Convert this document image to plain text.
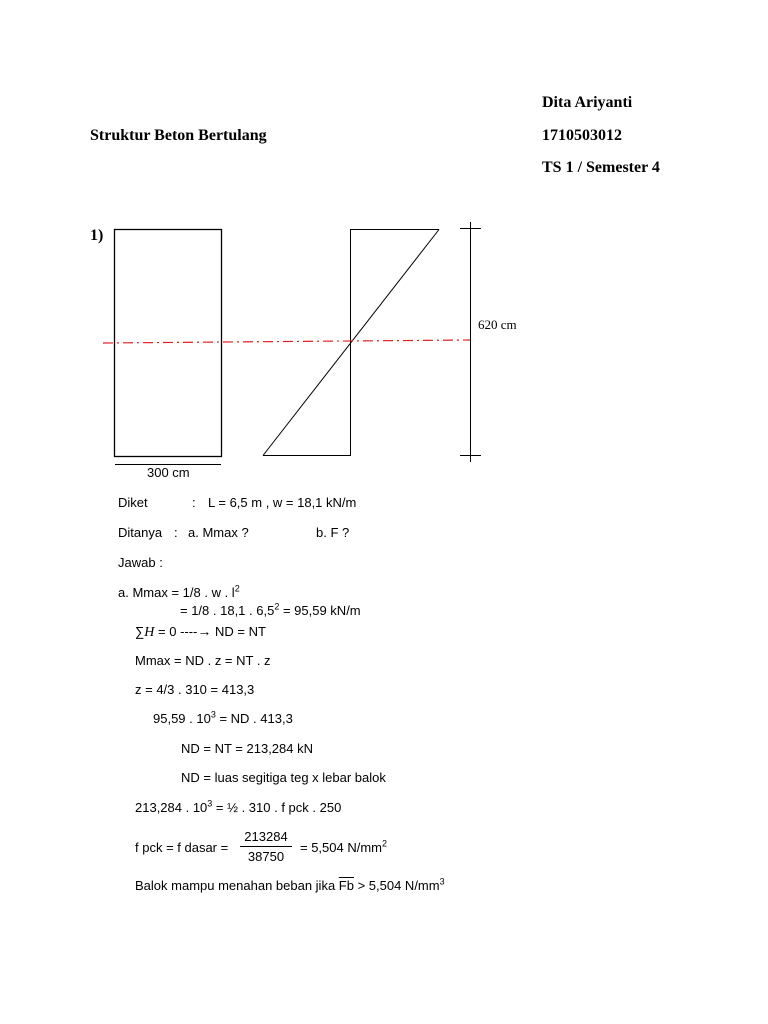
Dita Ariyanti
Struktur Beton Bertulang	1710503012
TS 1 / Semester 4
1)
620 cm
300 cm
Diket	: L = 6,5 m , w = 18,1 kN/m
Ditanya : a. Mmax ?	b. F ?
Jawab :
a. Mmax = 1/8 . w . $l^2$
= 1/8 . 18,1 . $6,5^2 = 95,59$ kN/m
∑H = 0 ----→ ND = NT
Mmax = ND . z = NT . z
z = 4/3 . 310 = 413,3
95,59 . $10^3$ = ND . 413,3
ND = NT = 213,284 kN
ND = luas segitiga teg x lebar balok
213,284 . $10^3$ = ½ . 310 . f pck . 250
f pck = f dasar =
213284
38750
= 5,504 $N/mm^2$
Balok mampu menahan beban jika $\overline{Fb} > 5,504$ $N/mm^3$
